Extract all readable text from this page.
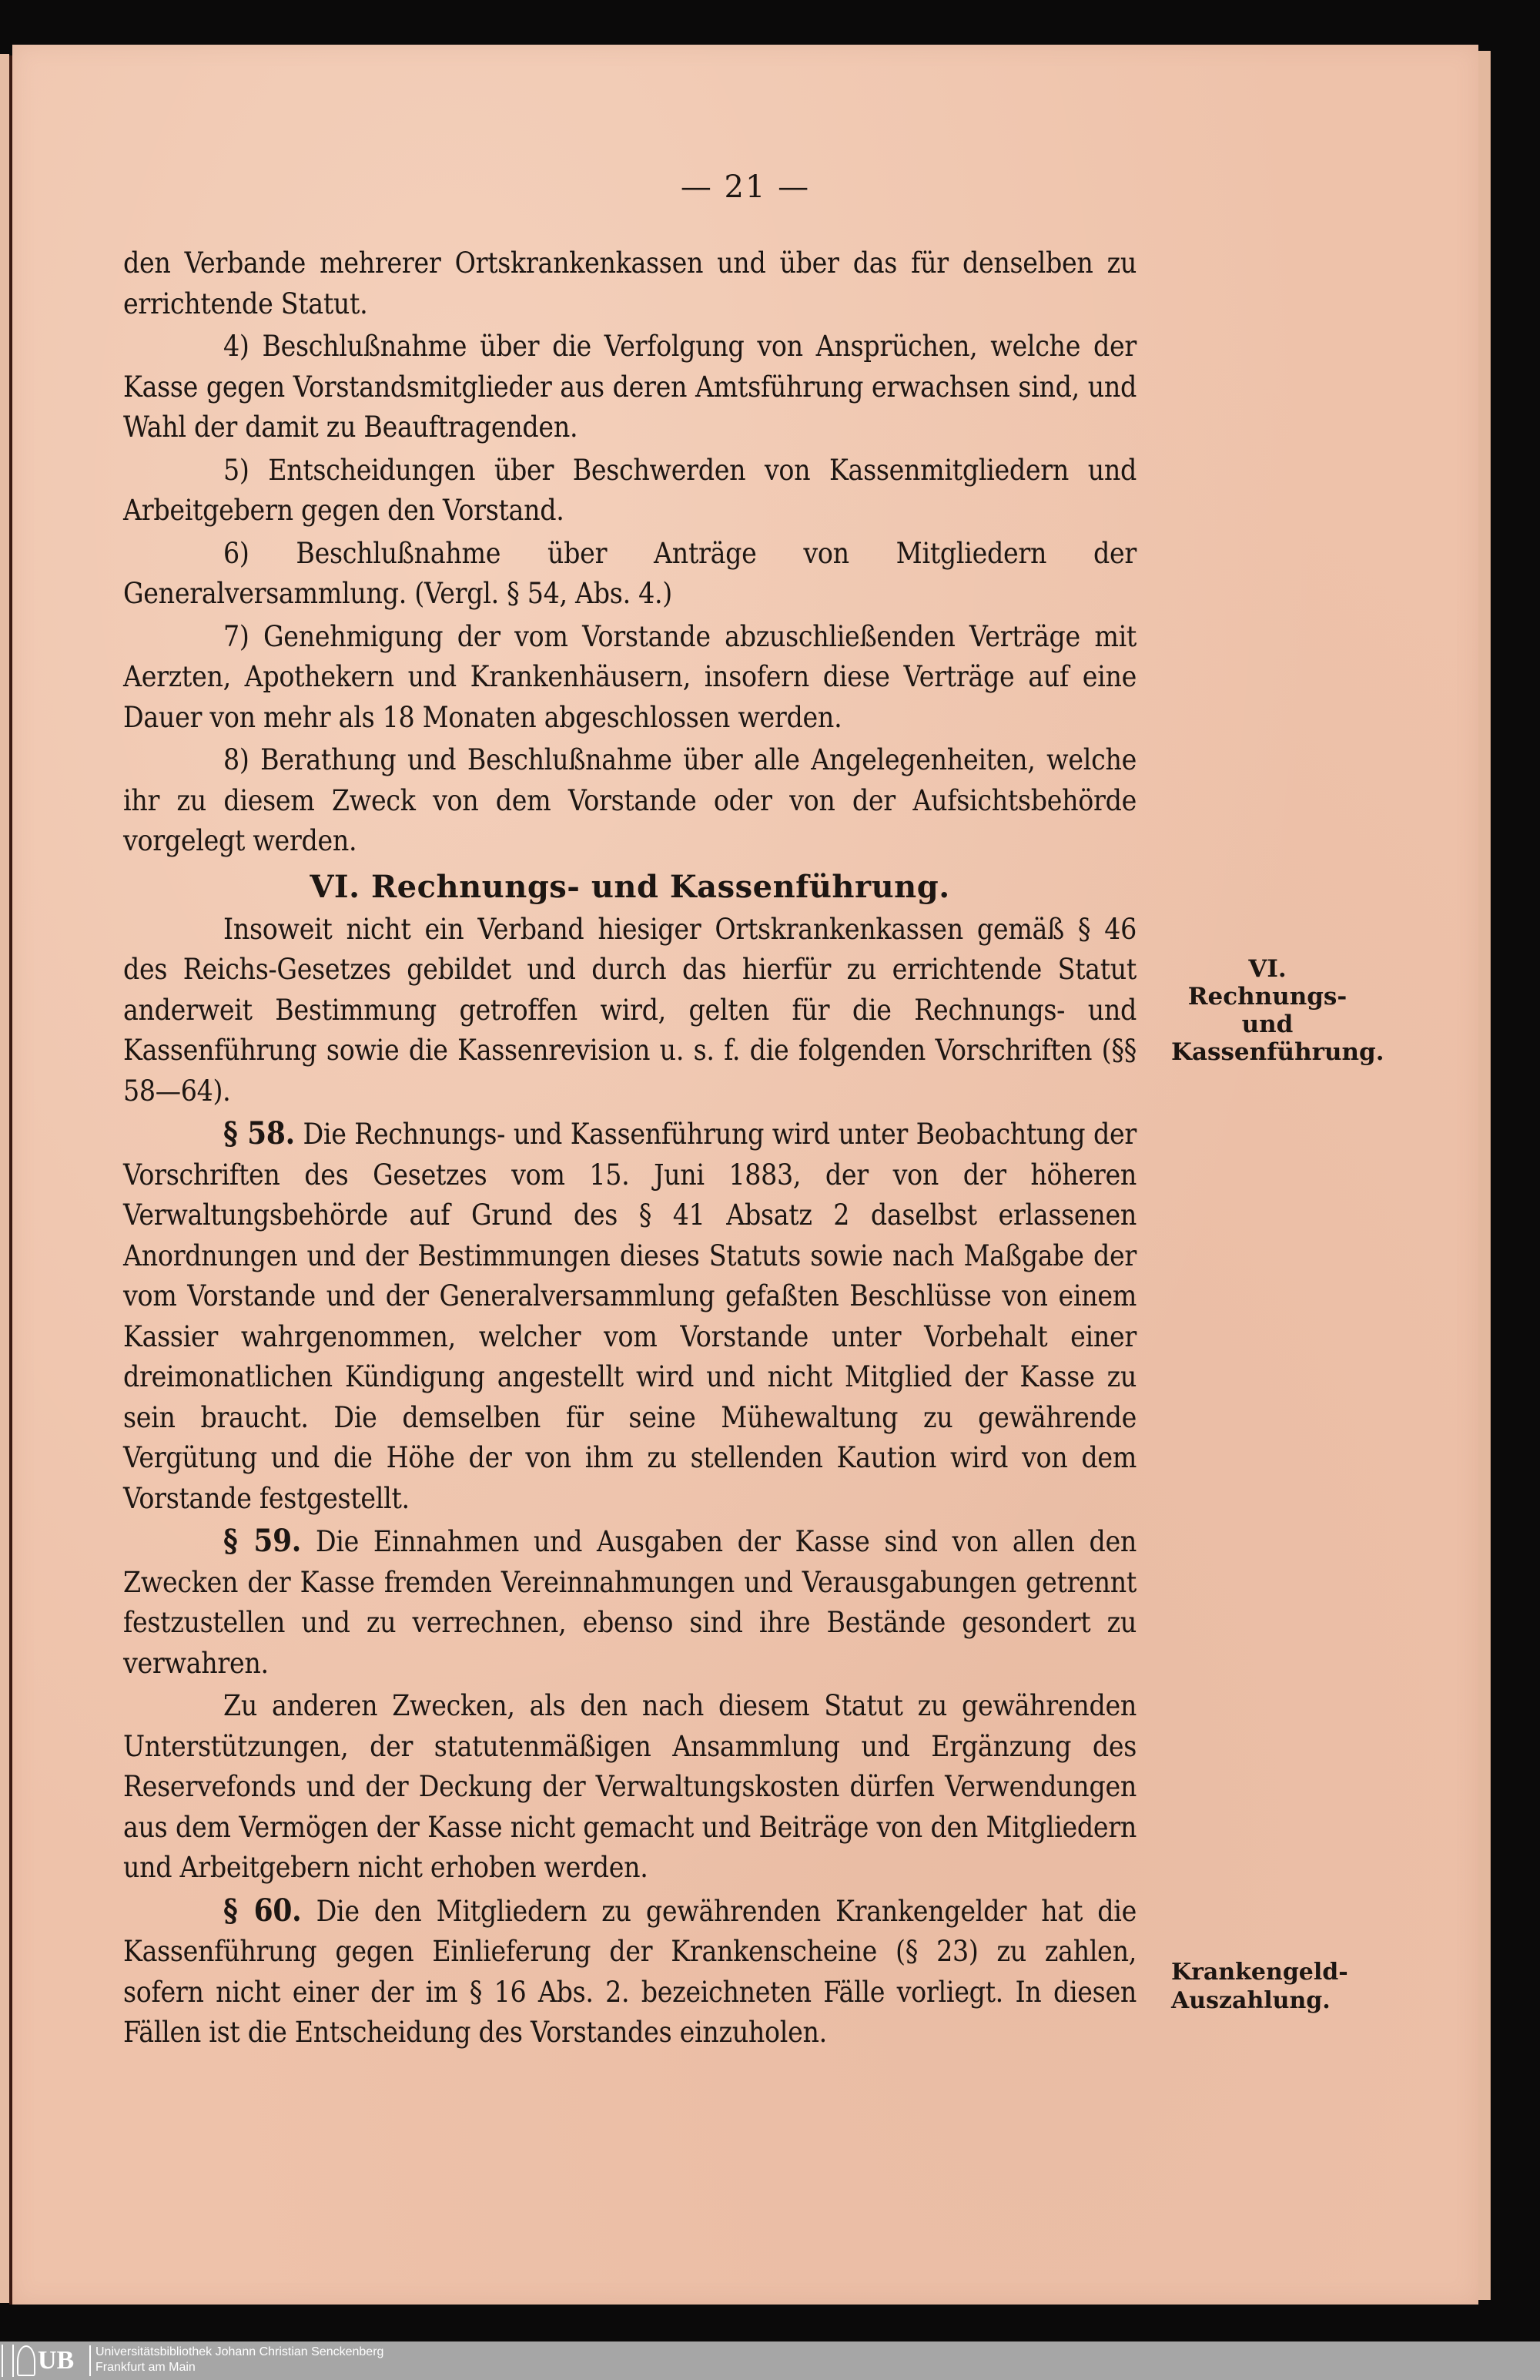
— 21 —

den Verbande mehrerer Ortskrankenkassen und über das für denselben zu errichtende Statut.

4) Beschlußnahme über die Verfolgung von Ansprüchen, welche der Kasse gegen Vorstandsmitglieder aus deren Amtsführung erwachsen sind, und Wahl der damit zu Beauftragenden.

5) Entscheidungen über Beschwerden von Kassenmitgliedern und Arbeitgebern gegen den Vorstand.

6) Beschlußnahme über Anträge von Mitgliedern der Generalversammlung. (Vergl. § 54, Abs. 4.)

7) Genehmigung der vom Vorstande abzuschließenden Verträge mit Aerzten, Apothekern und Krankenhäusern, insofern diese Verträge auf eine Dauer von mehr als 18 Monaten abgeschlossen werden.

8) Berathung und Beschlußnahme über alle Angelegenheiten, welche ihr zu diesem Zweck von dem Vorstande oder von der Aufsichtsbehörde vorgelegt werden.

VI. Rechnungs- und Kassenführung.

Insoweit nicht ein Verband hiesiger Ortskrankenkassen gemäß § 46 des Reichs-Gesetzes gebildet und durch das hierfür zu errichtende Statut anderweit Bestimmung getroffen wird, gelten für die Rechnungs- und Kassenführung sowie die Kassenrevision u. s. f. die folgenden Vorschriften (§§ 58—64).

§ 58. Die Rechnungs- und Kassenführung wird unter Beobachtung der Vorschriften des Gesetzes vom 15. Juni 1883, der von der höheren Verwaltungsbehörde auf Grund des § 41 Absatz 2 daselbst erlassenen Anordnungen und der Bestimmungen dieses Statuts sowie nach Maßgabe der vom Vorstande und der Generalversammlung gefaßten Beschlüsse von einem Kassier wahrgenommen, welcher vom Vorstande unter Vorbehalt einer dreimonatlichen Kündigung angestellt wird und nicht Mitglied der Kasse zu sein braucht. Die demselben für seine Mühewaltung zu gewährende Vergütung und die Höhe der von ihm zu stellenden Kaution wird von dem Vorstande festgestellt.

§ 59. Die Einnahmen und Ausgaben der Kasse sind von allen den Zwecken der Kasse fremden Vereinnahmungen und Verausgabungen getrennt festzustellen und zu verrechnen, ebenso sind ihre Bestände gesondert zu verwahren.

Zu anderen Zwecken, als den nach diesem Statut zu gewährenden Unterstützungen, der statutenmäßigen Ansammlung und Ergänzung des Reservefonds und der Deckung der Verwaltungskosten dürfen Verwendungen aus dem Vermögen der Kasse nicht gemacht und Beiträge von den Mitgliedern und Arbeitgebern nicht erhoben werden.

§ 60. Die den Mitgliedern zu gewährenden Krankengelder hat die Kassenführung gegen Einlieferung der Krankenscheine (§ 23) zu zahlen, sofern nicht einer der im § 16 Abs. 2. bezeichneten Fälle vorliegt. In diesen Fällen ist die Entscheidung des Vorstandes einzuholen.

VI. Rechnungs- und Kassenführung.
Krankengeld-Auszahlung.
UB Universitätsbibliothek Johann Christian Senckenberg
Frankfurt am Main
